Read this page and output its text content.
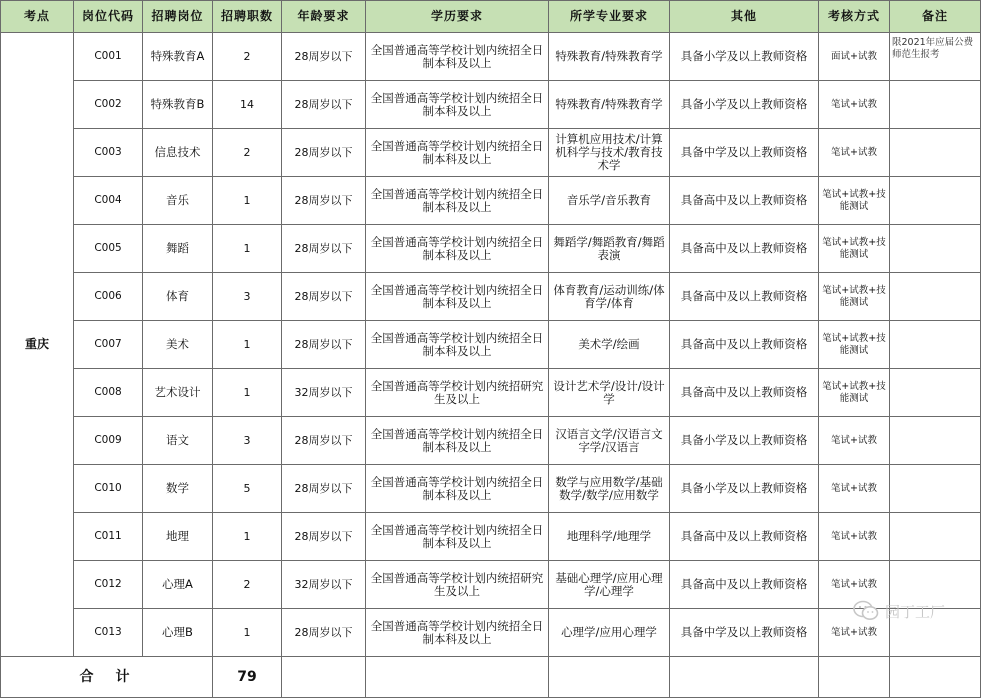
考点	岗位代码	招聘岗位	招聘职数	年龄要求	学历要求	所学专业要求	其他	考核方式	备注
重庆	C001	特殊教育A	2	28周岁以下	全国普通高等学校计划内统招全日制本科及以上	特殊教育/特殊教育学	具备小学及以上教师资格	面试+试教	限2021年应届公费师范生报考
	C002	特殊教育B	14	28周岁以下	全国普通高等学校计划内统招全日制本科及以上	特殊教育/特殊教育学	具备小学及以上教师资格	笔试+试教	
	C003	信息技术	2	28周岁以下	全国普通高等学校计划内统招全日制本科及以上	计算机应用技术/计算机科学与技术/教育技术学	具备中学及以上教师资格	笔试+试教	
	C004	音乐	1	28周岁以下	全国普通高等学校计划内统招全日制本科及以上	音乐学/音乐教育	具备高中及以上教师资格	笔试+试教+技能测试	
	C005	舞蹈	1	28周岁以下	全国普通高等学校计划内统招全日制本科及以上	舞蹈学/舞蹈教育/舞蹈表演	具备高中及以上教师资格	笔试+试教+技能测试	
	C006	体育	3	28周岁以下	全国普通高等学校计划内统招全日制本科及以上	体育教育/运动训练/体育学/体育	具备高中及以上教师资格	笔试+试教+技能测试	
	C007	美术	1	28周岁以下	全国普通高等学校计划内统招全日制本科及以上	美术学/绘画	具备高中及以上教师资格	笔试+试教+技能测试	
	C008	艺术设计	1	32周岁以下	全国普通高等学校计划内统招研究生及以上	设计艺术学/设计/设计学	具备高中及以上教师资格	笔试+试教+技能测试	
	C009	语文	3	28周岁以下	全国普通高等学校计划内统招全日制本科及以上	汉语言文学/汉语言文字学/汉语言	具备小学及以上教师资格	笔试+试教	
	C010	数学	5	28周岁以下	全国普通高等学校计划内统招全日制本科及以上	数学与应用数学/基础数学/数学/应用数学	具备小学及以上教师资格	笔试+试教	
	C011	地理	1	28周岁以下	全国普通高等学校计划内统招全日制本科及以上	地理科学/地理学	具备高中及以上教师资格	笔试+试教	
	C012	心理A	2	32周岁以下	全国普通高等学校计划内统招研究生及以上	基础心理学/应用心理学/心理学	具备高中及以上教师资格	笔试+试教	
	C013	心理B	1	28周岁以下	全国普通高等学校计划内统招全日制本科及以上	心理学/应用心理学	具备中学及以上教师资格	笔试+试教	
合计			79						
园丁工厂
